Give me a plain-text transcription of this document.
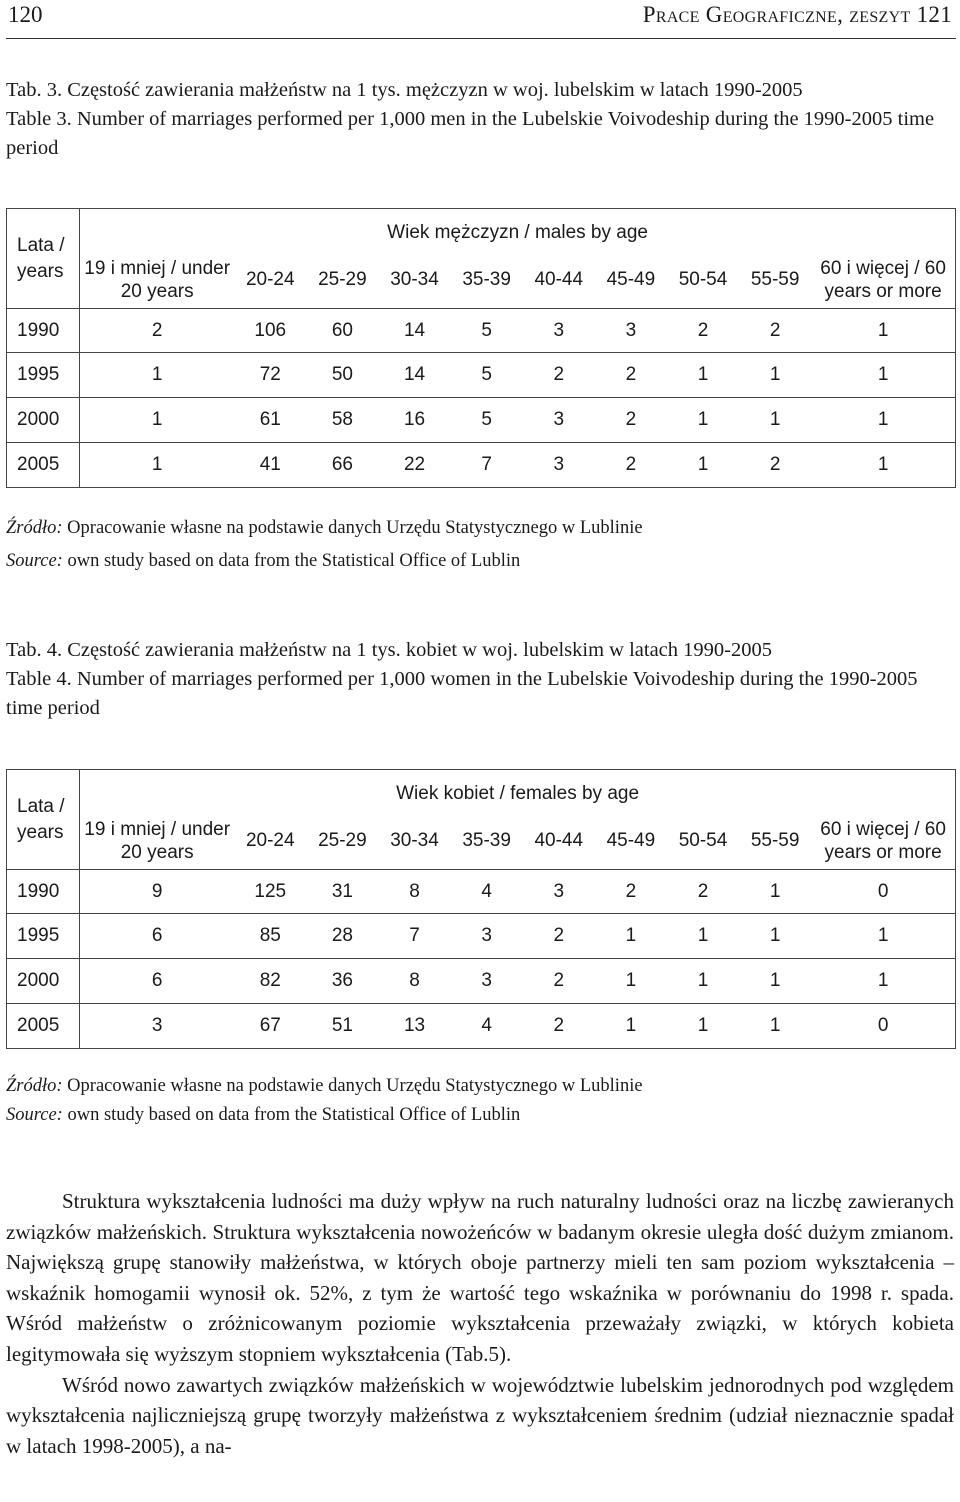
120	Prace Geograficzne, zeszyt 121

Tab. 3. Częstość zawierania małżeństw na 1 tys. mężczyzn w woj. lubelskim w latach 1990-2005

Table 3. Number of marriages performed per 1,000 men in the Lubelskie Voivodeship during the 1990-2005 time period

Lata / years	Wiek mężczyzn / males by age									
	19 i mniej / under 20 years	20-24	25-29	30-34	35-39	40-44	45-49	50-54	55-59	60 i więcej / 60 years or more
1990	2	106	60	14	5	3	3	2	2	1
1995	1	72	50	14	5	2	2	1	1	1
2000	1	61	58	16	5	3	2	1	1	1
2005	1	41	66	22	7	3	2	1	2	1

Źródło: Opracowanie własne na podstawie danych Urzędu Statystycznego w Lublinie

Source: own study based on data from the Statistical Office of Lublin

Tab. 4. Częstość zawierania małżeństw na 1 tys. kobiet w woj. lubelskim w latach 1990-2005

Table 4. Number of marriages performed per 1,000 women in the Lubelskie Voivodeship during the 1990-2005 time period

Lata / years	Wiek kobiet / females by age									
	19 i mniej / under 20 years	20-24	25-29	30-34	35-39	40-44	45-49	50-54	55-59	60 i więcej / 60 years or more
1990	9	125	31	8	4	3	2	2	1	0
1995	6	85	28	7	3	2	1	1	1	1
2000	6	82	36	8	3	2	1	1	1	1
2005	3	67	51	13	4	2	1	1	1	0

Źródło: Opracowanie własne na podstawie danych Urzędu Statystycznego w Lublinie

Source: own study based on data from the Statistical Office of Lublin

Struktura wykształcenia ludności ma duży wpływ na ruch naturalny ludności oraz na liczbę zawieranych związków małżeńskich. Struktura wykształcenia nowożeńców w badanym okresie uległa dość dużym zmianom. Największą grupę stanowiły małżeństwa, w których oboje partnerzy mieli ten sam poziom wykształcenia – wskaźnik homogamii wynosił ok. 52%, z tym że wartość tego wskaźnika w porównaniu do 1998 r. spada. Wśród małżeństw o zróżnicowanym poziomie wykształcenia przeważały związki, w których kobieta legitymowała się wyższym stopniem wykształcenia (Tab.5).

Wśród nowo zawartych związków małżeńskich w województwie lubelskim jednorodnych pod względem wykształcenia najliczniejszą grupę tworzyły małżeństwa z wykształceniem średnim (udział nieznacznie spadał w latach 1998-2005), a na-
